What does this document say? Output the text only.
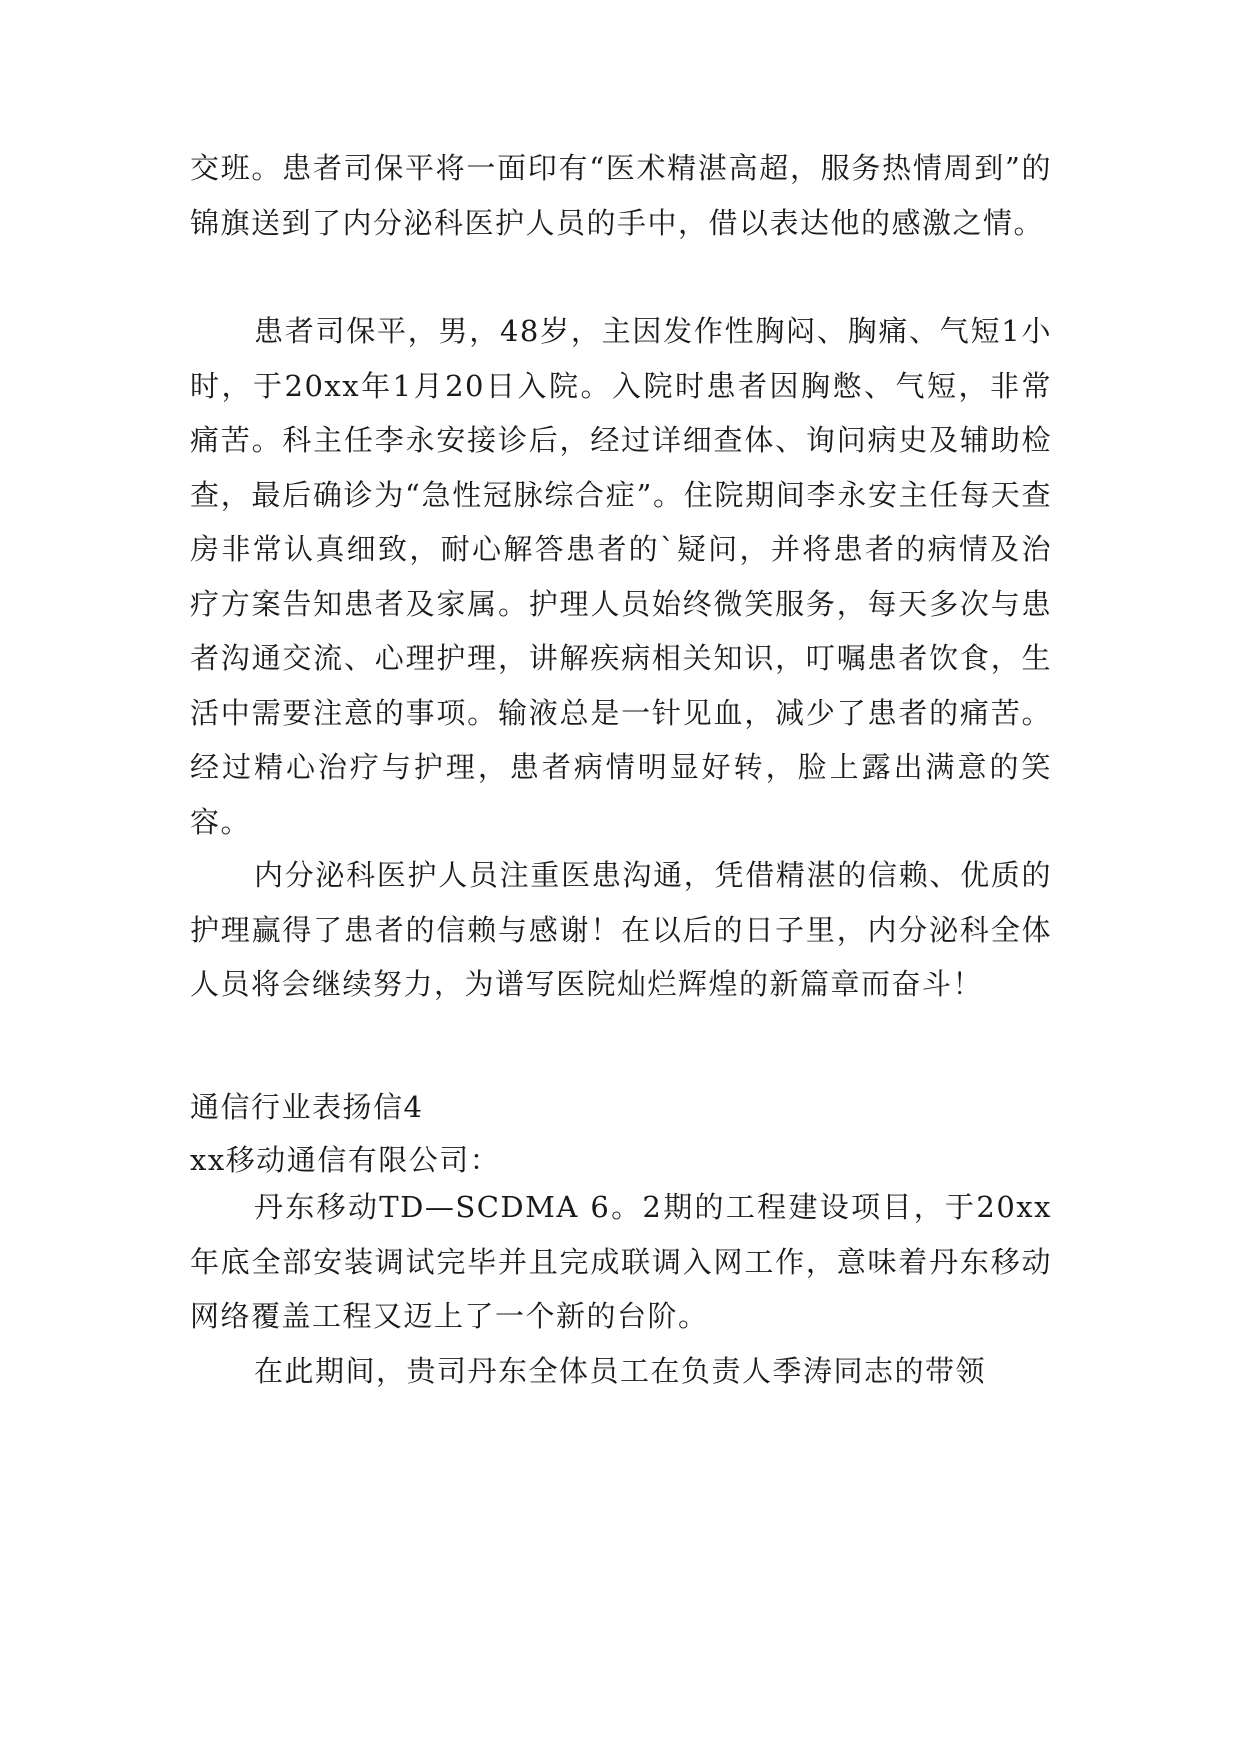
交班。患者司保平将一面印有“医术精湛高超，服务热情周到”的锦旗送到了内分泌科医护人员的手中，借以表达他的感激之情。

患者司保平，男，48岁，主因发作性胸闷、胸痛、气短1小时，于20xx年1月20日入院。入院时患者因胸憋、气短，非常痛苦。科主任李永安接诊后，经过详细查体、询问病史及辅助检查，最后确诊为“急性冠脉综合症”。住院期间李永安主任每天查房非常认真细致，耐心解答患者的`疑问，并将患者的病情及治疗方案告知患者及家属。护理人员始终微笑服务，每天多次与患者沟通交流、心理护理，讲解疾病相关知识，叮嘱患者饮食，生活中需要注意的事项。输液总是一针见血，减少了患者的痛苦。经过精心治疗与护理，患者病情明显好转，脸上露出满意的笑容。

内分泌科医护人员注重医患沟通，凭借精湛的信赖、优质的护理赢得了患者的信赖与感谢！在以后的日子里，内分泌科全体人员将会继续努力，为谱写医院灿烂辉煌的新篇章而奋斗！

通信行业表扬信4

xx移动通信有限公司：

丹东移动TD—SCDMA 6。2期的工程建设项目，于20xx年底全部安装调试完毕并且完成联调入网工作，意味着丹东移动网络覆盖工程又迈上了一个新的台阶。

在此期间，贵司丹东全体员工在负责人季涛同志的带领
